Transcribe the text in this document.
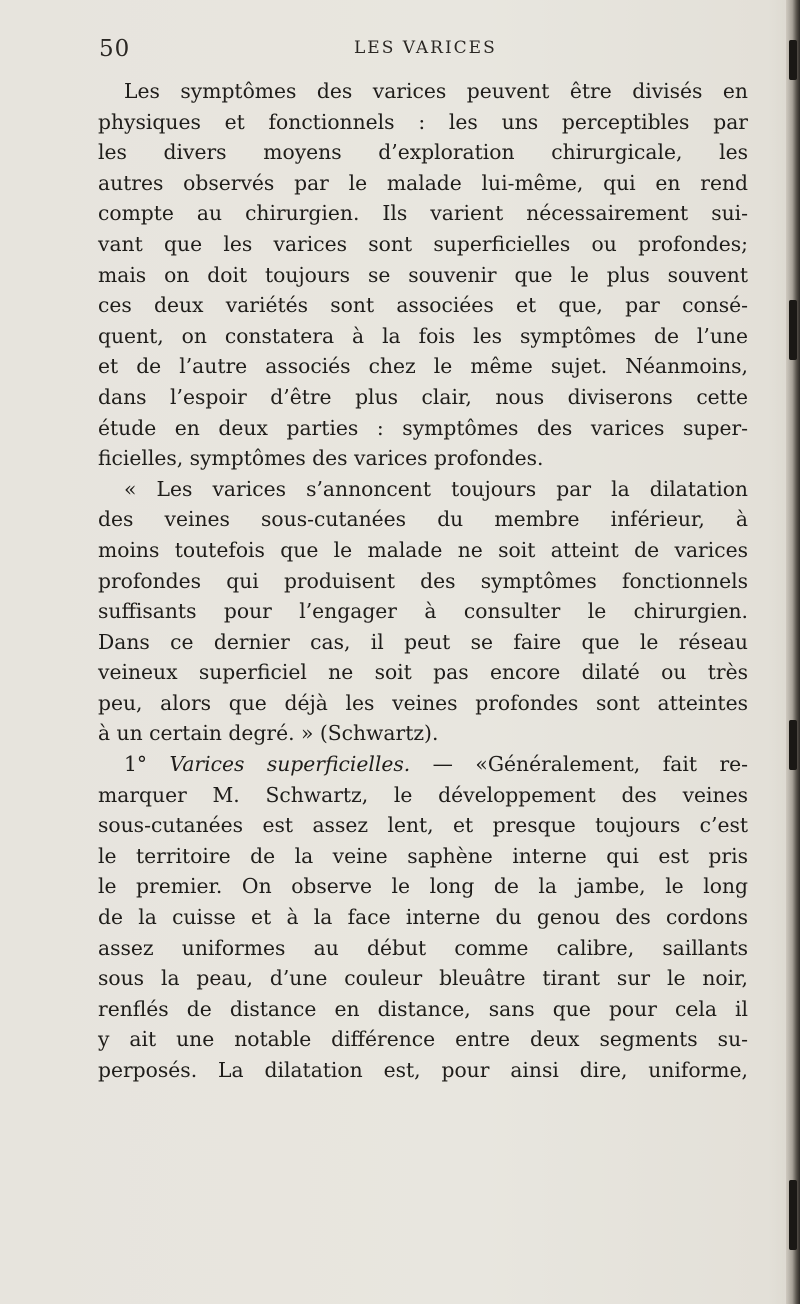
50	LES VARICES
Les symptômes des varices peuvent être divisés en
physiques et fonctionnels : les uns perceptibles par
les divers moyens d’exploration chirurgicale, les
autres observés par le malade lui-même, qui en rend
compte au chirurgien. Ils varient nécessairement sui-
vant que les varices sont superficielles ou profondes;
mais on doit toujours se souvenir que le plus souvent
ces deux variétés sont associées et que, par consé-
quent, on constatera à la fois les symptômes de l’une
et de l’autre associés chez le même sujet. Néanmoins,
dans l’espoir d’être plus clair, nous diviserons cette
étude en deux parties : symptômes des varices super-
ficielles, symptômes des varices profondes.
« Les varices s’annoncent toujours par la dilatation
des veines sous-cutanées du membre inférieur, à
moins toutefois que le malade ne soit atteint de varices
profondes qui produisent des symptômes fonctionnels
suffisants pour l’engager à consulter le chirurgien.
Dans ce dernier cas, il peut se faire que le réseau
veineux superficiel ne soit pas encore dilaté ou très
peu, alors que déjà les veines profondes sont atteintes
à un certain degré. » (Schwartz).
1° Varices superficielles. — «Généralement, fait re-
marquer M. Schwartz, le développement des veines
sous-cutanées est assez lent, et presque toujours c’est
le territoire de la veine saphène interne qui est pris
le premier. On observe le long de la jambe, le long
de la cuisse et à la face interne du genou des cordons
assez uniformes au début comme calibre, saillants
sous la peau, d’une couleur bleuâtre tirant sur le noir,
renflés de distance en distance, sans que pour cela il
y ait une notable différence entre deux segments su-
perposés. La dilatation est, pour ainsi dire, uniforme,
